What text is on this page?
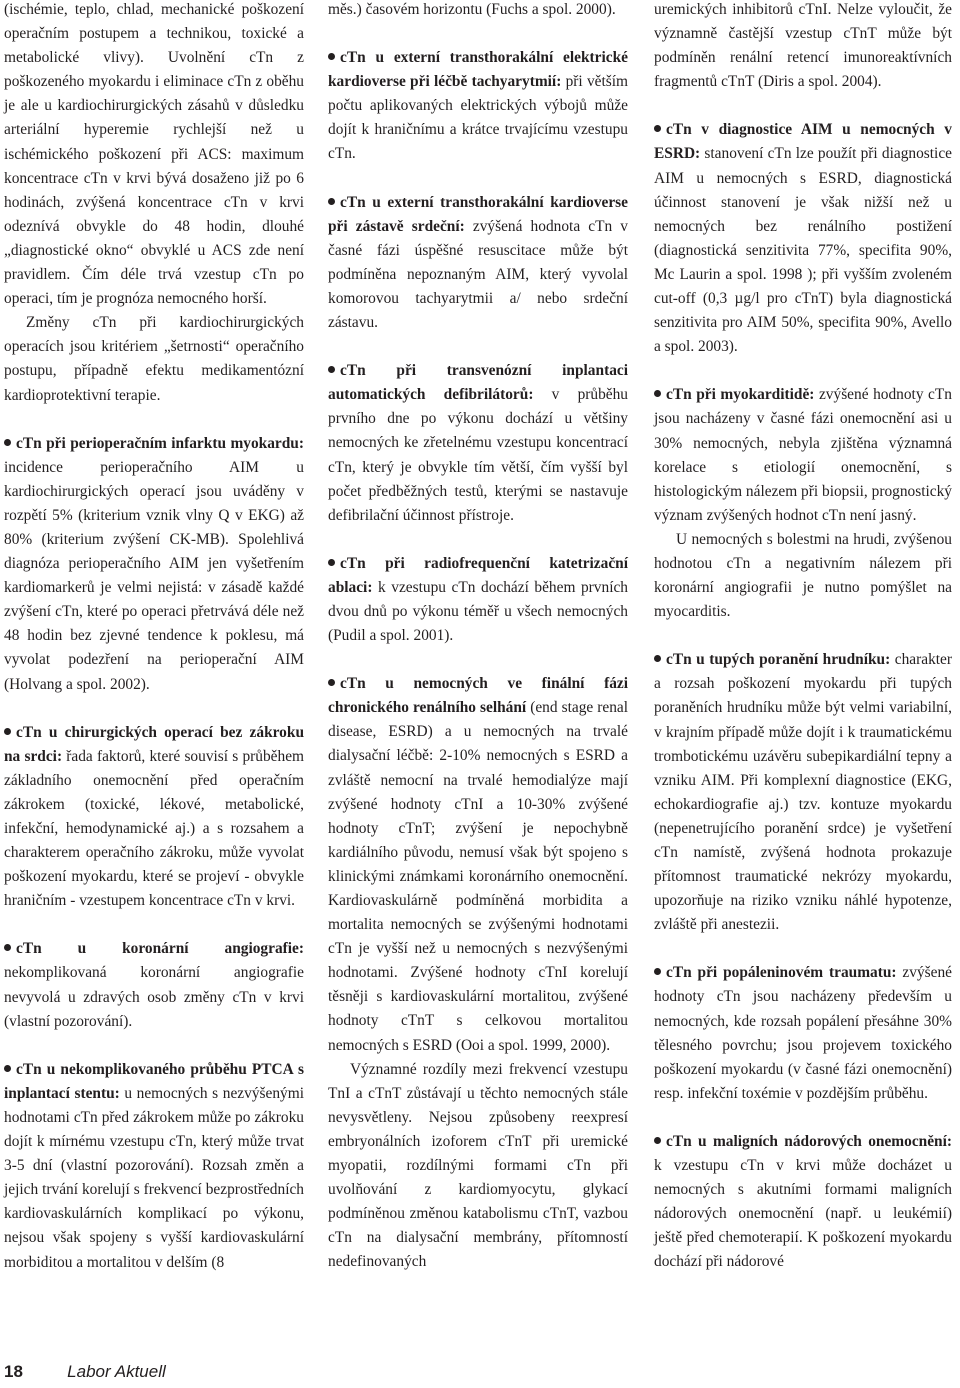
(ischémie, teplo, chlad, mechanické poškození operačním postupem a technikou, toxické a metabolické vlivy). Uvolnění cTn z poškozeného myokardu i eliminace cTn z oběhu je ale u kardiochirurgických zásahů v důsledku arteriální hyperemie rychlejší než u ischémického poškození při ACS: maximum koncentrace cTn v krvi bývá dosaženo již po 6 hodinách, zvýšená koncentrace cTn v krvi odeznívá obvykle do 48 hodin, dlouhé „diagnostické okno“ obvyklé u ACS zde není pravidlem. Čím déle trvá vzestup cTn po operaci, tím je prognóza nemocného horší.

Změny cTn při kardiochirurgických operacích jsou kritériem „šetrnosti“ operačního postupu, případně efektu medikamentózní kardioprotektivní terapie.

cTn při perioperačním infarktu myokardu: incidence perioperačního AIM u kardiochirurgických operací jsou uváděny v rozpětí 5% (kriterium vznik vlny Q v EKG) až 80% (kriterium zvýšení CK-MB). Spolehlivá diagnóza perioperačního AIM jen vyšetřením kardiomarkerů je velmi nejistá: v zásadě každé zvýšení cTn, které po operaci přetrvává déle než 48 hodin bez zjevné tendence k poklesu, má vyvolat podezření na perioperační AIM (Holvang a spol. 2002).

cTn u chirurgických operací bez zákroku na srdci: řada faktorů, které souvisí s průběhem základního onemocnění před operačním zákrokem (toxické, lékové, metabolické, infekční, hemodynamické aj.) a s rozsahem a charakterem operačního zákroku, může vyvolat poškození myokardu, které se projeví - obvykle hraničním - vzestupem koncentrace cTn v krvi.

cTn u koronární angiografie: nekomplikovaná koronární angiografie nevyvolá u zdravých osob změny cTn v krvi (vlastní pozorování).

cTn u nekomplikovaného průběhu PTCA s inplantací stentu: u nemocných s nezvýšenými hodnotami cTn před zákrokem může po zákroku dojít k mírnému vzestupu cTn, který může trvat 3-5 dní (vlastní pozorování). Rozsah změn a jejich trvání korelují s frekvencí bezprostředních kardiovaskulárních komplikací po výkonu, nejsou však spojeny s vyšší kardiovaskulární morbiditou a mortalitou v delším (8

měs.) časovém horizontu (Fuchs a spol. 2000).

cTn u externí transthorakální elektrické kardioverse při léčbě tachyarytmií: při větším počtu aplikovaných elektrických výbojů může dojít k hraničnímu a krátce trvajícímu vzestupu cTn.

cTn u externí transthorakální kardioverse při zástavě srdeční: zvýšená hodnota cTn v časné fázi úspěšné resuscitace může být podmíněna nepoznaným AIM, který vyvolal komorovou tachyarytmii a/ nebo srdeční zástavu.

cTn při transvenózní inplantaci automatických defibrilátorů: v průběhu prvního dne po výkonu dochází u většiny nemocných ke zřetelnému vzestupu koncentrací cTn, který je obvykle tím větší, čím vyšší byl počet předběžných testů, kterými se nastavuje defibrilační účinnost přístroje.

cTn při radiofrequenční katetrizační ablaci: k vzestupu cTn dochází během prvních dvou dnů po výkonu téměř u všech nemocných (Pudil a spol. 2001).

cTn u nemocných ve finální fázi chronického renálního selhání (end stage renal disease, ESRD) a u nemocných na trvalé dialysační léčbě: 2-10% nemocných s ESRD a zvláště nemocní na trvalé hemodialýze mají zvýšené hodnoty cTnI a 10-30% zvýšené hodnoty cTnT; zvýšení je nepochybně kardiálního původu, nemusí však být spojeno s klinickými známkami koronárního onemocnění. Kardiovaskulárně podmíněná morbidita a mortalita nemocných se zvýšenými hodnotami cTn je vyšší než u nemocných s nezvýšenými hodnotami. Zvýšené hodnoty cTnI korelují těsněji s kardiovaskulární mortalitou, zvýšené hodnoty cTnT s celkovou mortalitou nemocných s ESRD (Ooi a spol. 1999, 2000).

Významné rozdíly mezi frekvencí vzestupu TnI a cTnT zůstávají u těchto nemocných stále nevysvětleny. Nejsou způsobeny reexpresí embryonálních izoforem cTnT při uremické myopatii, rozdílnými formami cTn při uvolňování z kardiomyocytu, glykací podmíněnou změnou katabolismu cTnT, vazbou cTn na dialysační membrány, přítomností nedefinovaných

uremických inhibitorů cTnI. Nelze vyloučit, že významně častější vzestup cTnT může být podmíněn renální retencí imunoreaktívních fragmentů cTnT (Diris a spol. 2004).

cTn v diagnostice AIM u nemocných v ESRD: stanovení cTn lze použít při diagnostice AIM u nemocných s ESRD, diagnostická účinnost stanovení je však nižší než u nemocných bez renálního postižení (diagnostická senzitivita 77%, specifita 90%, Mc Laurin a spol. 1998 ); při vyšším zvoleném cut-off (0,3 µg/l pro cTnT) byla diagnostická senzitivita pro AIM 50%, specifita 90%, Avello a spol. 2003).

cTn při myokarditidě: zvýšené hodnoty cTn jsou nacházeny v časné fázi onemocnění asi u 30% nemocných, nebyla zjištěna významná korelace s etiologií onemocnění, s histologickým nálezem při biopsii, prognostický význam zvýšených hodnot cTn není jasný.

U nemocných s bolestmi na hrudi, zvýšenou hodnotou cTn a negativním nálezem při koronární angiografii je nutno pomýšlet na myocarditis.

cTn u tupých poranění hrudníku: charakter a rozsah poškození myokardu při tupých poraněních hrudníku může být velmi variabilní, v krajním případě může dojít i k traumatickému trombotickému uzávěru subepikardiální tepny a vzniku AIM. Při komplexní diagnostice (EKG, echokardiografie aj.) tzv. kontuze myokardu (nepenetrujícího poranění srdce) je vyšetření cTn namístě, zvýšená hodnota prokazuje přítomnost traumatické nekrózy myokardu, upozorňuje na riziko vzniku náhlé hypotenze, zvláště při anestezii.

cTn při popáleninovém traumatu: zvýšené hodnoty cTn jsou nacházeny především u nemocných, kde rozsah popálení přesáhne 30% tělesného povrchu; jsou projevem toxického poškození myokardu (v časné fázi onemocnění) resp. infekční toxémie v pozdějším průběhu.

cTn u maligních nádorových onemocnění: k vzestupu cTn v krvi může docházet u nemocných s akutními formami maligních nádorových onemocnění (např. u leukémií) ještě před chemoterapií. K poškození myokardu dochází při nádorové

18	Labor Aktuell
